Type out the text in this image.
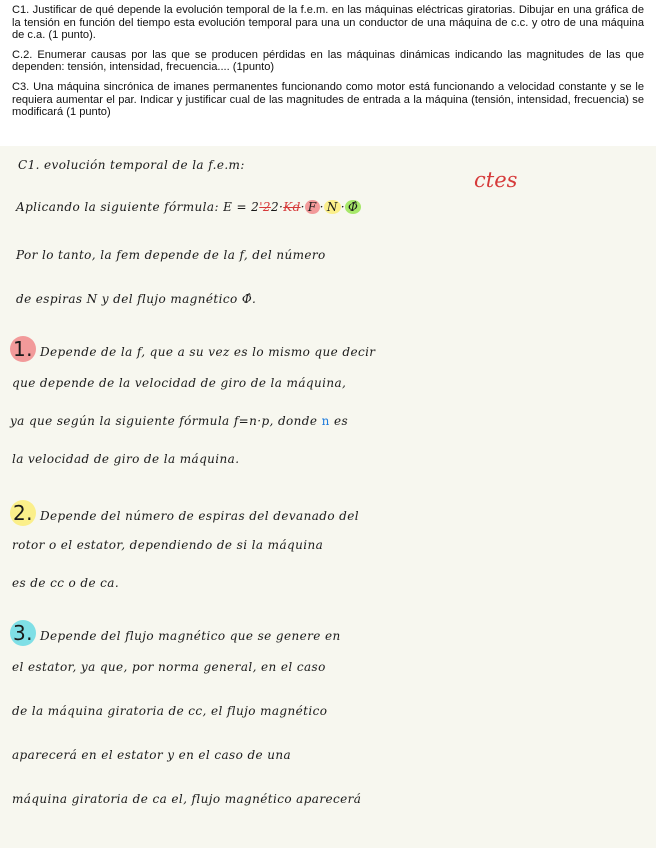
C1. Justificar de qué depende la evolución temporal de la f.e.m. en las máquinas eléctricas giratorias. Dibujar en una gráfica de la tensión en función del tiempo esta evolución temporal para una un conductor de una máquina de c.c. y otro de una máquina de c.a. (1 punto).

C.2. Enumerar causas por las que se producen pérdidas en las máquinas dinámicas indicando las magnitudes de las que dependen: tensión, intensidad, frecuencia.... (1punto)

C3. Una máquina sincrónica de imanes permanentes funcionando como motor está funcionando a velocidad constante y se le requiera aumentar el par. Indicar y justificar cual de las magnitudes de entrada a la máquina (tensión, intensidad, frecuencia) se modificará (1 punto)

ctes
C1. evolución temporal de la f.e.m:
Aplicando la siguiente fórmula: E = 2'22·Kd· F · N · Φ̂
Por lo tanto, la fem depende de la f, del número
de espiras N y del flujo magnético Φ̂.
1. Depende de la f, que a su vez es lo mismo que decir
que depende de la velocidad de giro de la máquina,
ya que según la siguiente fórmula f=n·p, donde n es
la velocidad de giro de la máquina.
2. Depende del número de espiras del devanado del
rotor o el estator, dependiendo de si la máquina
es de cc o de ca.
3. Depende del flujo magnético que se genere en
el estator, ya que, por norma general, en el caso
de la máquina giratoria de cc, el flujo magnético
aparecerá en el estator y en el caso de una
máquina giratoria de ca el, flujo magnético aparecerá
